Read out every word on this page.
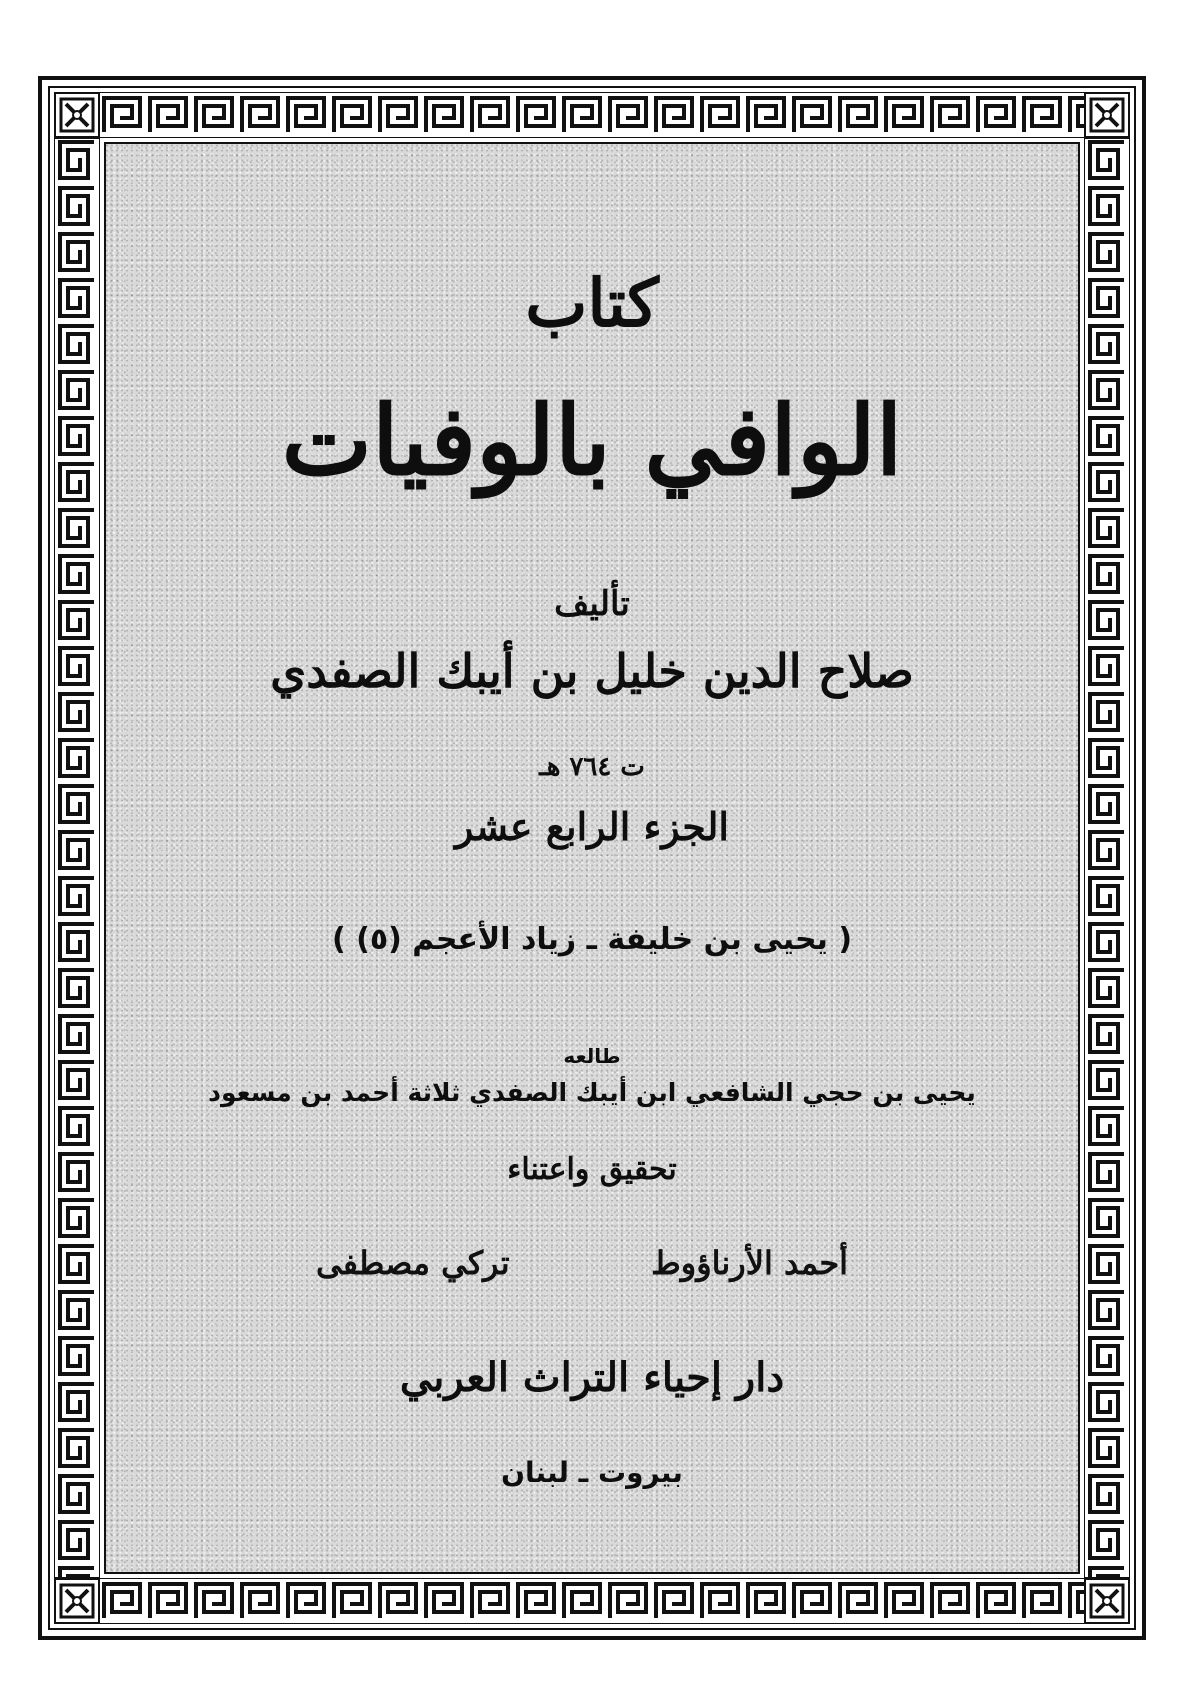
كتاب
الوافي بالوفيات
تأليف
صلاح الدين خليل بن أيبك الصفدي
ت ٧٦٤ هـ
الجزء الرابع عشر
( يحيى بن خليفة ـ زياد الأعجم (٥) )
طالعه
يحيى بن حجي الشافعي ابن أيبك الصفدي ثلاثة أحمد بن مسعود
تحقيق واعتناء
أحمد الأرناؤوط
تركي مصطفى
دار إحياء التراث العربي
بيروت ـ لبنان
